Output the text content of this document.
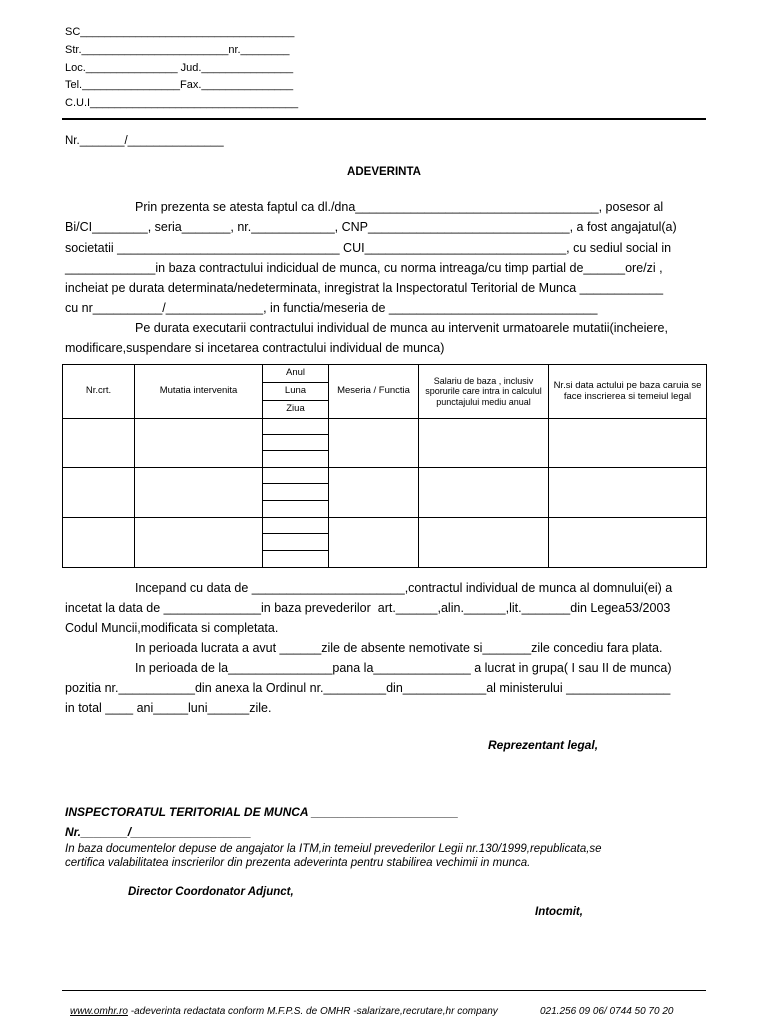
SC___________________________________
Str.________________________nr.________
Loc._______________ Jud._______________
Tel.________________Fax._______________
C.U.I__________________________________
Nr._______/_______________
ADEVERINTA
Prin prezenta se atesta faptul ca dl./dna___________________________________, posesor al
Bi/CI________, seria_______, nr.____________, CNP_____________________________, a fost angajatul(a)
societatii ________________________________ CUI_____________________________, cu sediul social in
_____________in baza contractului indicidual de munca, cu norma intreaga/cu timp partial de______ore/zi ,
incheiat pe durata determinata/nedeterminata, inregistrat la Inspectoratul Teritorial de Munca ____________
cu nr__________/______________, in functia/meseria de ______________________________
Pe durata executarii contractului individual de munca au intervenit urmatoarele mutatii(incheiere,
modificare,suspendare si incetarea contractului individual de munca)
Nr.crt.	Mutatia intervenita	Anul	Meseria / Functia	Salariu de baza , inclusiv sporurile care intra in calculul punctajului mediu anual	Nr.si data actului pe baza caruia se face inscrierea si temeiul legal
		Luna			
		Ziua			

Incepand cu data de ______________________,contractul individual de munca al domnului(ei) a
incetat la data de ______________in baza prevederilor  art.______,alin.______,lit._______din Legea53/2003
Codul Muncii,modificata si completata.
In perioada lucrata a avut ______zile de absente nemotivate si_______zile concediu fara plata.
In perioada de la_______________pana la______________ a lucrat in grupa( I sau II de munca)
pozitia nr.___________din anexa la Ordinul nr._________din____________al ministerului _______________
in total ____ ani_____luni______zile.
Reprezentant legal,
INSPECTORATUL TERITORIAL DE MUNCA ______________________
Nr._______/__________________
In baza documentelor depuse de angajator la ITM,in temeiul prevederilor Legii nr.130/1999,republicata,se
certifica valabilitatea inscrierilor din prezenta adeverinta pentru stabilirea vechimii in munca.
Director Coordonator Adjunct,
Intocmit,
www.omhr.ro -adeverinta redactata conform M.F.P.S. de OMHR -salarizare,recrutare,hr company	021.256 09 06/ 0744 50 70 20
